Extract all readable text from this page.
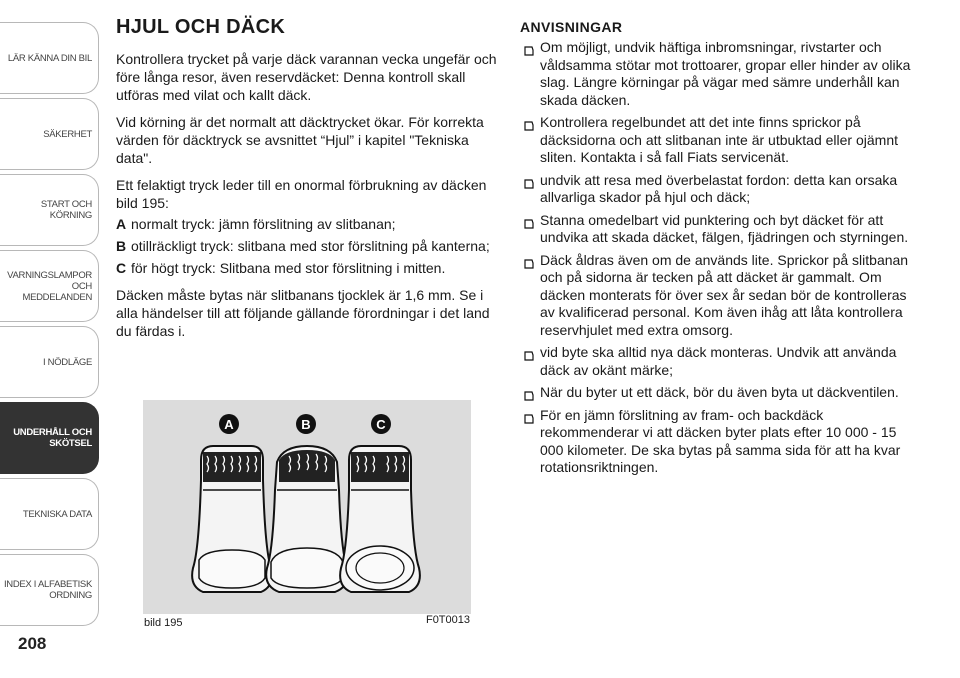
LÄR KÄNNA DIN BIL
SÄKERHET
START OCH
KÖRNING
VARNINGSLAMPOR
OCH
MEDDELANDEN
I NÖDLÄGE
UNDERHÅLL OCH
SKÖTSEL
TEKNISKA DATA
INDEX I ALFABETISK
ORDNING
208
HJUL OCH DÄCK

Kontrollera trycket på varje däck varannan vecka ungefär och före långa resor, även reservdäcket: Denna kontroll skall utföras med vilat och kallt däck.

Vid körning är det normalt att däcktrycket ökar. För korrekta värden för däcktryck se avsnittet “Hjul” i kapitel "Tekniska data".

Ett felaktigt tryck leder till en onormal förbrukning av däcken bild 195:

A normalt tryck: jämn förslitning av slitbanan;
B otillräckligt tryck: slitbana med stor förslitning på kanterna;
C för högt tryck: Slitbana med stor förslitning i mitten.

Däcken måste bytas när slitbanans tjocklek är 1,6 mm. Se i alla händelser till att följande gällande förordningar i det land du färdas i.

A	B	C
bild 195	F0T0013
ANVISNINGAR
Om möjligt, undvik häftiga inbromsningar, rivstarter och våldsamma stötar mot trottoarer, gropar eller hinder av olika slag. Längre körningar på vägar med sämre underhåll kan skada däcken.
Kontrollera regelbundet att det inte finns sprickor på däcksidorna och att slitbanan inte är utbuktad eller ojämnt sliten. Kontakta i så fall Fiats servicenät.
undvik att resa med överbelastat fordon: detta kan orsaka allvarliga skador på hjul och däck;
Stanna omedelbart vid punktering och byt däcket för att undvika att skada däcket, fälgen, fjädringen och styrningen.
Däck åldras även om de används lite. Sprickor på slitbanan och på sidorna är tecken på att däcket är gammalt. Om däcken monterats för över sex år sedan bör de kontrolleras av kvalificerad personal. Kom även ihåg att låta kontrollera reservhjulet med extra omsorg.
vid byte ska alltid nya däck monteras. Undvik att använda däck av okänt märke;
När du byter ut ett däck, bör du även byta ut däckventilen.
För en jämn förslitning av fram- och backdäck rekommenderar vi att däcken byter plats efter 10 000 - 15 000 kilometer. De ska bytas på samma sida för att ha kvar rotationsriktningen.
